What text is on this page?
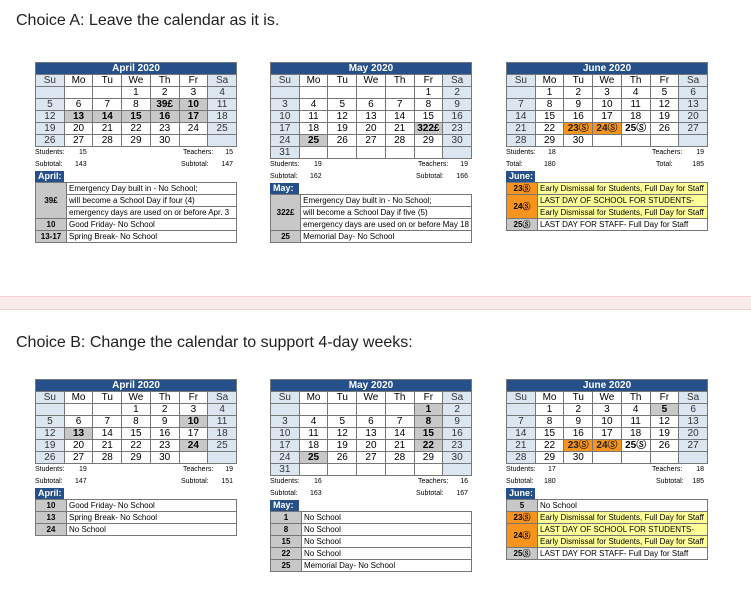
Choice A: Leave the calendar as it is.
Choice B: Change the calendar to support 4-day weeks:
April 2020						
Su	Mo	Tu	We	Th	Fr	Sa
			1	2	3	4
5	6	7	8	39£	10	11
12	13	14	15	16	17	18
19	20	21	22	23	24	25
26	27	28	29	30		
Students: 15	Teachers: 15
Subtotal: 143	Subtotal: 147
April:
39£	Emergency Day built in - No School;
	will become a School Day if four (4)
	emergency days are used on or before Apr. 3
10	Good Friday- No School
13-17	Spring Break- No School
May 2020						
Su	Mo	Tu	We	Th	Fr	Sa
					1	2
3	4	5	6	7	8	9
10	11	12	13	14	15	16
17	18	19	20	21	322£	23
24	25	26	27	28	29	30
31						
Students: 19	Teachers: 19
Subtotal: 162	Subtotal: 166
May:
322£	Emergency Day built in - No School;
	will become a School Day if five (5)
	emergency days are used on or before May 18
25	Memorial Day- No School
June 2020						
Su	Mo	Tu	We	Th	Fr	Sa
	1	2	3	4	5	6
7	8	9	10	11	12	13
14	15	16	17	18	19	20
21	22	23Ⓢ	24Ⓢ	25Ⓢ	26	27
28	29	30				
Students: 18	Teachers: 19
Total:	180	Total:	185
June:
23Ⓢ	Early Dismissal for Students, Full Day for Staff
24Ⓢ	LAST DAY OF SCHOOL FOR STUDENTS-
	Early Dismissal for Students, Full Day for Staff
25Ⓢ	LAST DAY FOR STAFF- Full Day for Staff
April 2020						
Su	Mo	Tu	We	Th	Fr	Sa
			1	2	3	4
5	6	7	8	9	10	11
12	13	14	15	16	17	18
19	20	21	22	23	24	25
26	27	28	29	30		
Students: 19	Teachers: 19
Subtotal: 147	Subtotal: 151
April:
10	Good Friday- No School
13	Spring Break- No School
24	No School
May 2020						
Su	Mo	Tu	We	Th	Fr	Sa
					1	2
3	4	5	6	7	8	9
10	11	12	13	14	15	16
17	18	19	20	21	22	23
24	25	26	27	28	29	30
31						
Students: 16	Teachers: 16
Subtotal: 163	Subtotal: 167
May:
1	No School
8	No School
15	No School
22	No School
25	Memorial Day- No School
June 2020						
Su	Mo	Tu	We	Th	Fr	Sa
	1	2	3	4	5	6
7	8	9	10	11	12	13
14	15	16	17	18	19	20
21	22	23Ⓢ	24Ⓢ	25Ⓢ	26	27
28	29	30				
Students: 17	Teachers: 18
Subtotal: 180	Subtotal: 185
June:
5	No School
23Ⓢ	Early Dismissal for Students, Full Day for Staff
24Ⓢ	LAST DAY OF SCHOOL FOR STUDENTS-
	Early Dismissal for Students, Full Day for Staff
25Ⓢ	LAST DAY FOR STAFF- Full Day for Staff
